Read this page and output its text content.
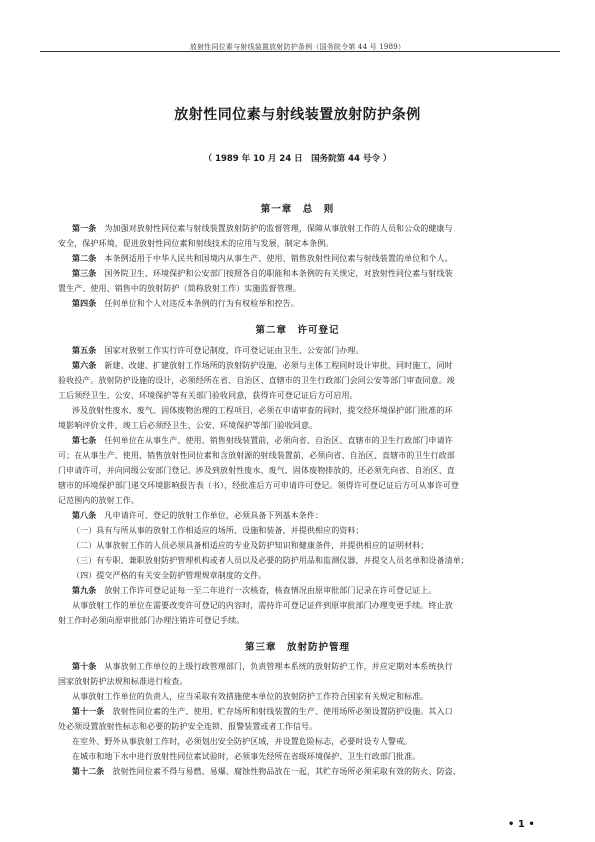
放射性同位素与射线装置放射防护条例（国务院令第 44 号 1989）
放射性同位素与射线装置放射防护条例
（ 1989 年 10 月 24 日　国务院第 44 号令 ）
第一章　总　则
第一条　为加强对放射性同位素与射线装置放射防护的监督管理，保障从事放射工作的人员和公众的健康与
安全，保护环境，促进放射性同位素和射线技术的应用与发展，制定本条例。
第二条　本条例适用于中华人民共和国境内从事生产、使用、销售放射性同位素与射线装置的单位和个人。
第三条　国务院卫生、环境保护和公安部门按照各自的职能和本条例的有关规定，对放射性同位素与射线装
置生产、使用、销售中的放射防护（简称放射工作）实施监督管理。
第四条　任何单位和个人对违反本条例的行为有权检举和控告。
第二章　许可登记
第五条　国家对放射工作实行许可登记制度，许可登记证由卫生、公安部门办理。
第六条　新建、改建、扩建放射工作场所的放射防护设施，必须与主体工程同时设计审批，同时施工，同时
验收投产。放射防护设施的设计，必须经所在省、自治区、直辖市的卫生行政部门会同公安等部门审查同意。竣
工后须经卫生、公安、环境保护等有关部门验收同意，获得许可登记证后方可启用。
涉及放射性废水、废气、固体废物治理的工程项目，必须在申请审查的同时，提交经环境保护部门批准的环
境影响评价文件，竣工后必须经卫生、公安、环境保护等部门验收同意。
第七条　任何单位在从事生产、使用、销售射线装置前，必须向省、自治区、直辖市的卫生行政部门申请许
可；在从事生产、使用、销售放射性同位素和含放射源的射线装置前，必须向省、自治区、直辖市的卫生行政部
门申请许可，并向同级公安部门登记。涉及到放射性废水、废气、固体废物排放的，还必须先向省、自治区、直
辖市的环境保护部门递交环境影响报告表（书），经批准后方可申请许可登记。领得许可登记证后方可从事许可登
记范围内的放射工作。
第八条　凡申请许可、登记的放射工作单位，必须具备下列基本条件：
（一）具有与所从事的放射工作相适应的场所、设施和装备，并提供相应的资料；
（二）从事放射工作的人员必须具备相适应的专业及防护知识和健康条件，并提供相应的证明材料；
（三）有专职、兼职放射防护管理机构或者人员以及必要的防护用品和监测仪器，并提交人员名单和设备清单；
（四）提交严格的有关安全防护管理规章制度的文件。
第九条　放射工作许可登记证每一至二年进行一次核查，核查情况由原审批部门记录在许可登记证上。
从事放射工作的单位在需要改变许可登记的内容时，需持许可登记证件到原审批部门办理变更手续。终止放
射工作时必须向原审批部门办理注销许可登记手续。
第三章　放射防护管理
第十条　从事放射工作单位的上级行政管理部门，负责管理本系统的放射防护工作，并应定期对本系统执行
国家放射防护法规和标准进行检查。
从事放射工作单位的负责人，应当采取有效措施使本单位的放射防护工作符合国家有关规定和标准。
第十一条　放射性同位素的生产、使用、贮存场所和射线装置的生产、使用场所必须设置防护设施。其入口
处必须设置放射性标志和必要的防护安全连锁、报警装置或者工作信号。
在室外、野外从事放射工作时，必须划出安全防护区域，并设置危险标志，必要时设专人警戒。
在城市和地下水中进行放射性同位素试验时，必须事先经所在省级环境保护、卫生行政部门批准。
第十二条　放射性同位素不得与易燃、易爆、腐蚀性物品放在一起，其贮存场所必须采取有效的防火、防盗、
• 1 •
